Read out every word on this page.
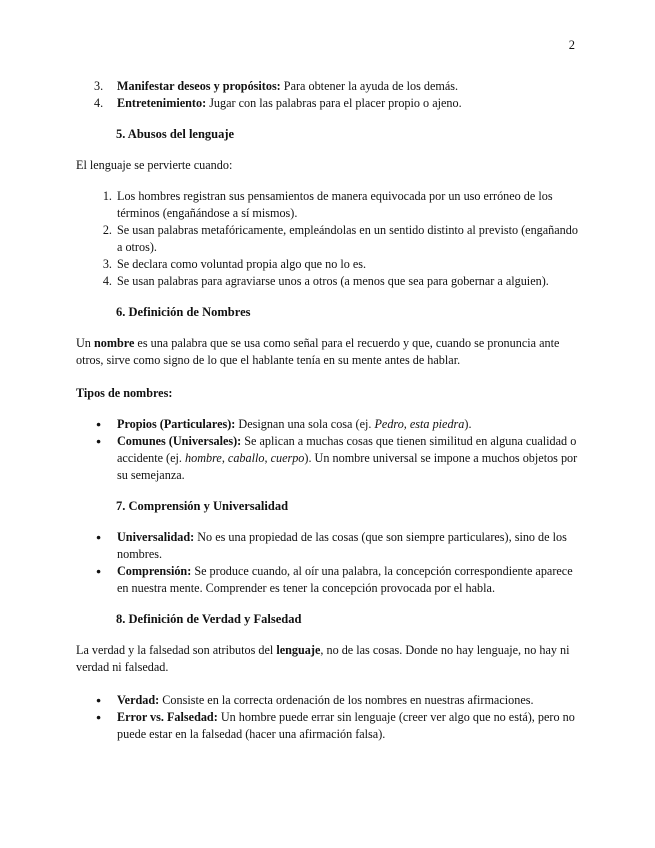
2
3. Manifestar deseos y propósitos: Para obtener la ayuda de los demás.
4. Entretenimiento: Jugar con las palabras para el placer propio o ajeno.
5. Abusos del lenguaje

El lenguaje se pervierte cuando:

1. Los hombres registran sus pensamientos de manera equivocada por un uso erróneo de los términos (engañándose a sí mismos).
2. Se usan palabras metafóricamente, empleándolas en un sentido distinto al previsto (engañando a otros).
3. Se declara como voluntad propia algo que no lo es.
4. Se usan palabras para agraviarse unos a otros (a menos que sea para gobernar a alguien).
6. Definición de Nombres

Un nombre es una palabra que se usa como señal para el recuerdo y que, cuando se pronuncia ante otros, sirve como signo de lo que el hablante tenía en su mente antes de hablar.

Tipos de nombres:

● Propios (Particulares): Designan una sola cosa (ej. Pedro, esta piedra).
● Comunes (Universales): Se aplican a muchas cosas que tienen similitud en alguna cualidad o accidente (ej. hombre, caballo, cuerpo). Un nombre universal se impone a muchos objetos por su semejanza.
7. Comprensión y Universalidad
● Universalidad: No es una propiedad de las cosas (que son siempre particulares), sino de los nombres.
● Comprensión: Se produce cuando, al oír una palabra, la concepción correspondiente aparece en nuestra mente. Comprender es tener la concepción provocada por el habla.
8. Definición de Verdad y Falsedad

La verdad y la falsedad son atributos del lenguaje, no de las cosas. Donde no hay lenguaje, no hay ni verdad ni falsedad.

● Verdad: Consiste en la correcta ordenación de los nombres en nuestras afirmaciones.
● Error vs. Falsedad: Un hombre puede errar sin lenguaje (creer ver algo que no está), pero no puede estar en la falsedad (hacer una afirmación falsa).
